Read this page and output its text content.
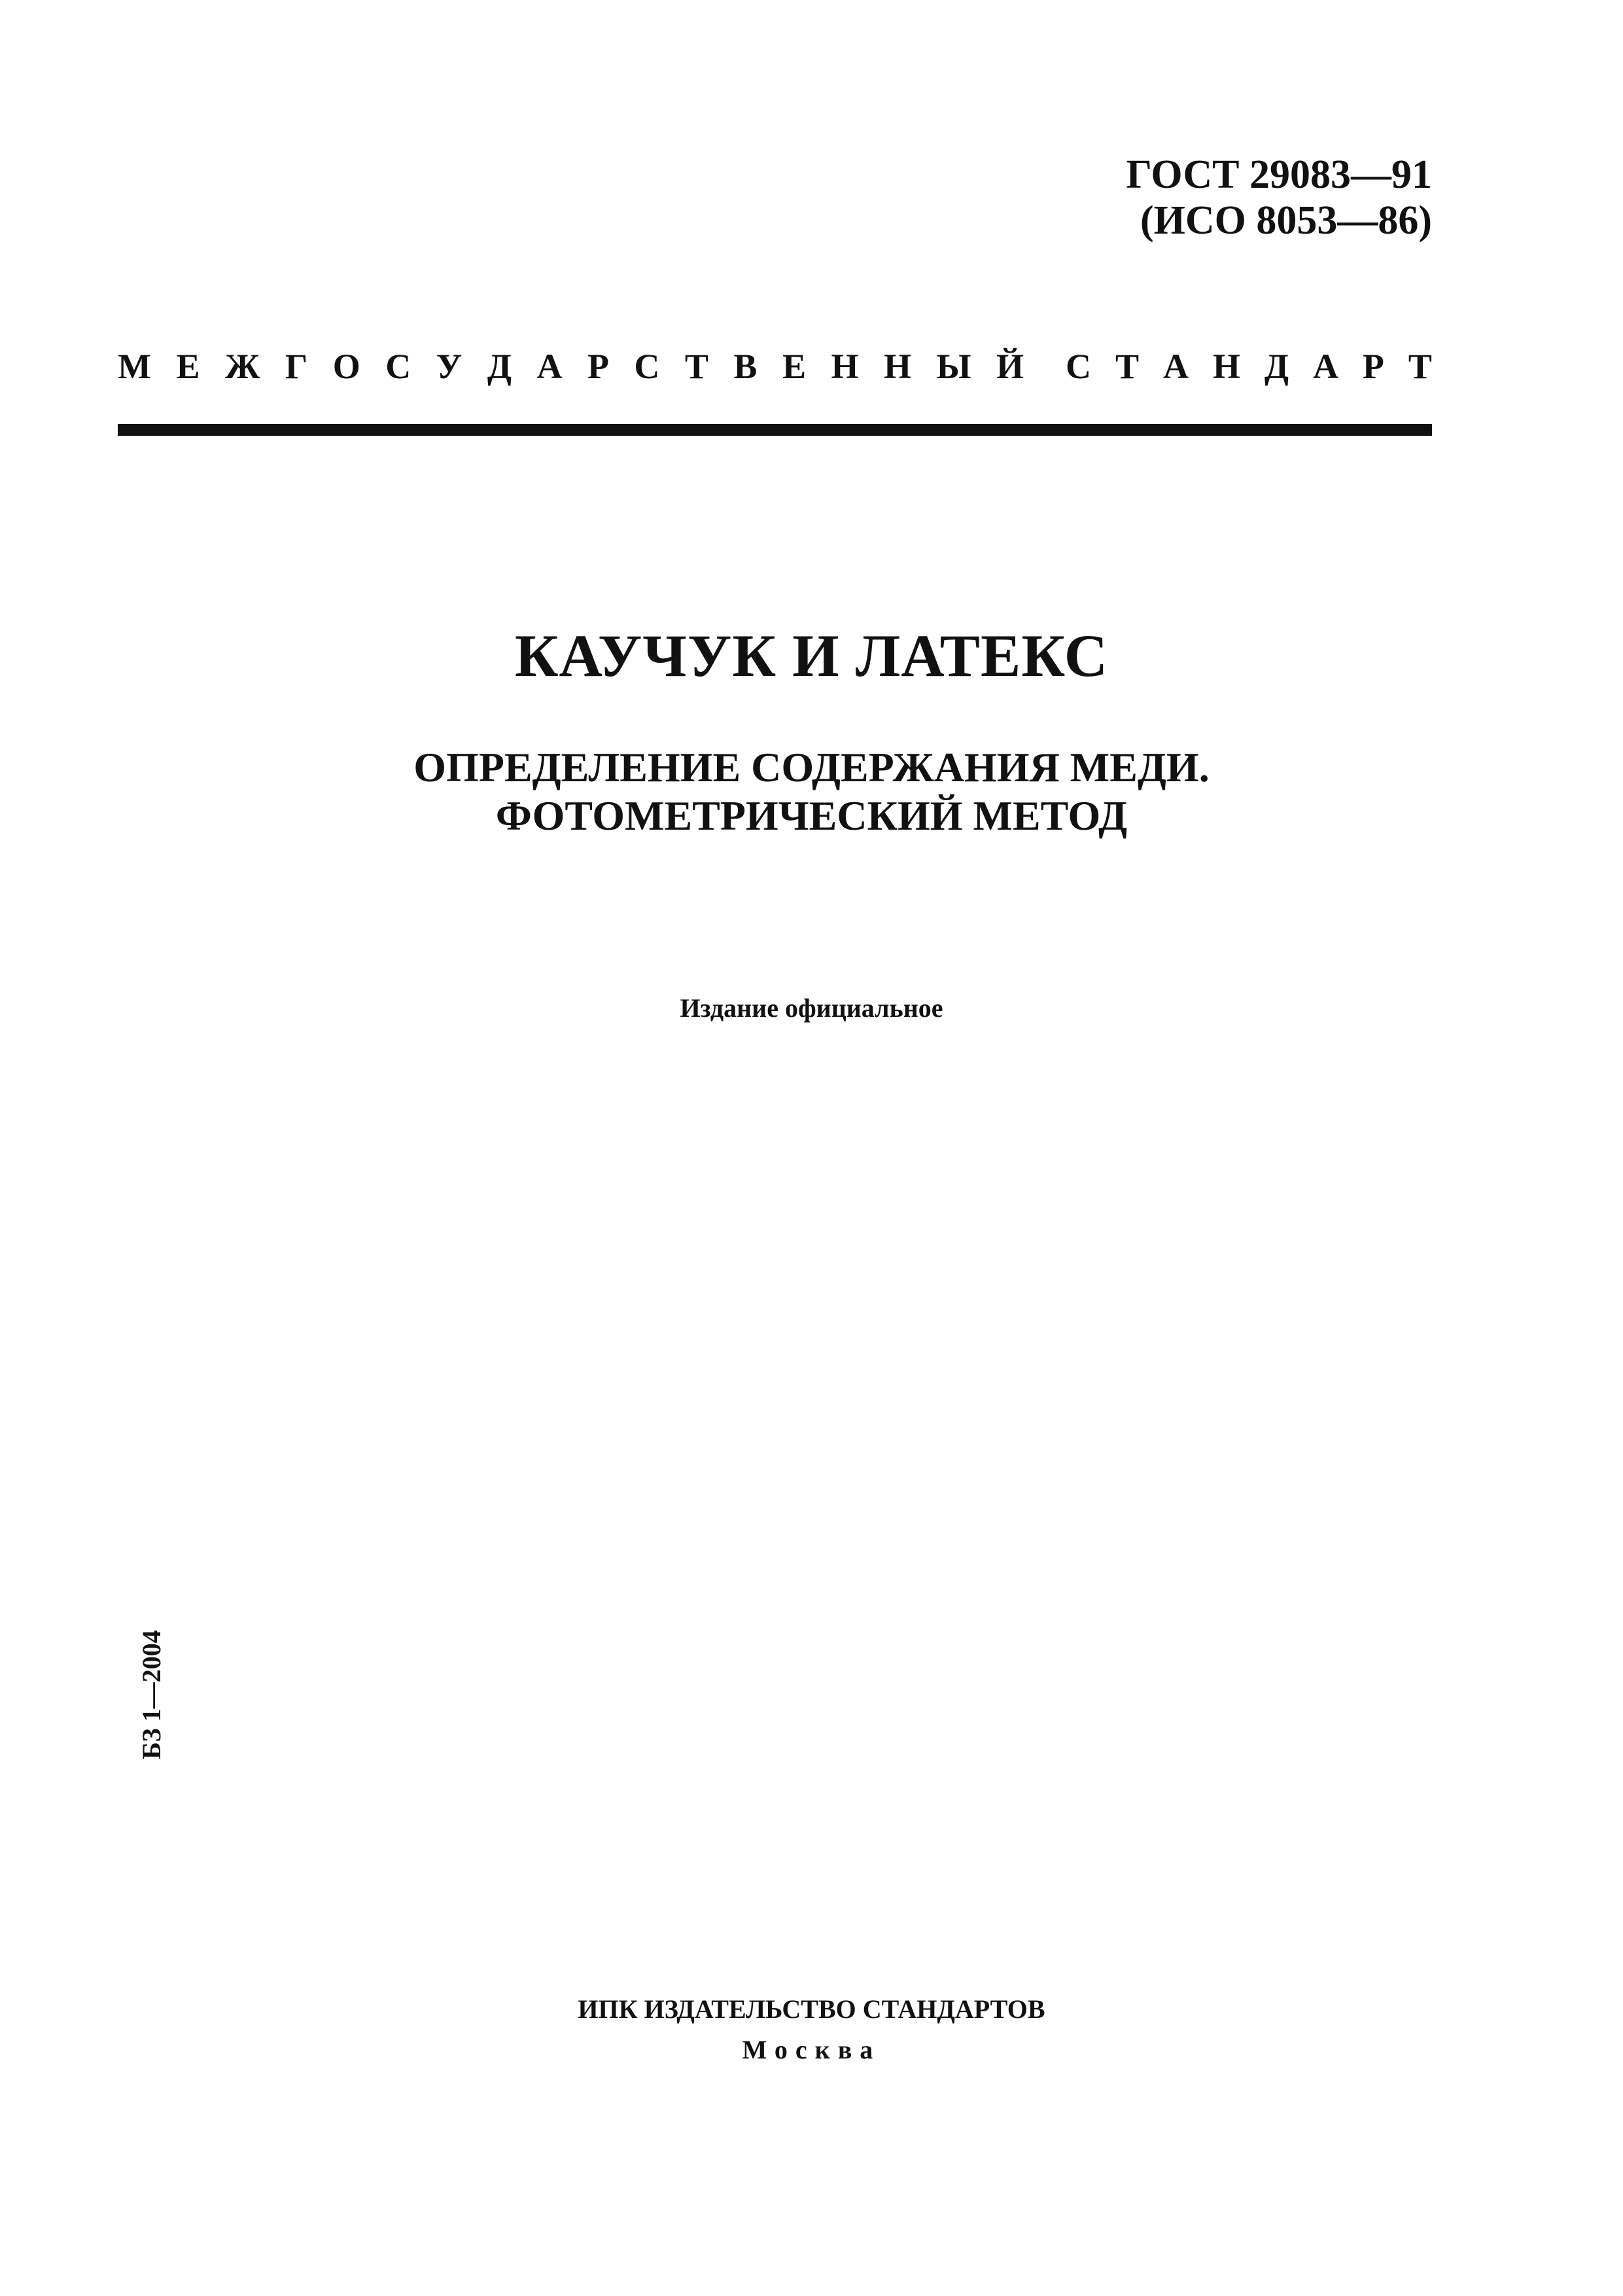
ГОСТ 29083—91
(ИСО 8053—86)
М Е Ж Г О С У Д А Р С Т В Е Н Н Ы Й С Т А Н Д А Р Т
КАУЧУК И ЛАТЕКС
ОПРЕДЕЛЕНИЕ СОДЕРЖАНИЯ МЕДИ.
ФОТОМЕТРИЧЕСКИЙ МЕТОД
Издание официальное
БЗ 1—2004
ИПК ИЗДАТЕЛЬСТВО СТАНДАРТОВ
Москва
